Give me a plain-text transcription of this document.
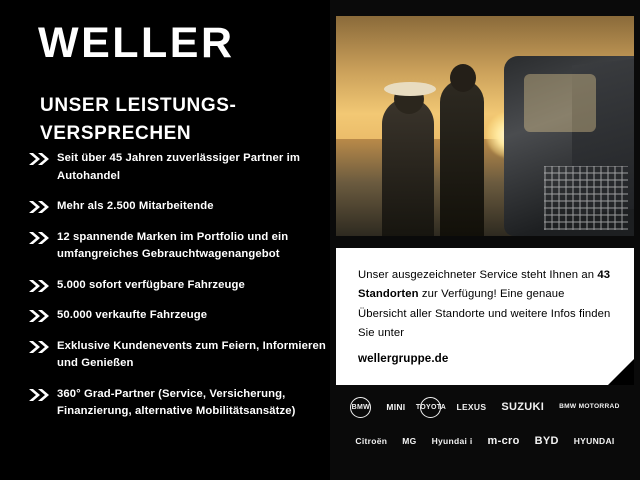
WELLER
UNSER LEISTUNGS-
VERSPRECHEN
Seit über 45 Jahren zuverlässiger Partner im Autohandel
Mehr als 2.500 Mitarbeitende
12 spannende Marken im Portfolio und ein umfangreiches Gebrauchtwagenangebot
5.000 sofort verfügbare Fahrzeuge
50.000 verkaufte Fahrzeuge
Exklusive Kundenevents zum Feiern, Informieren und Genießen
360° Grad-Partner (Service, Versicherung, Finanzierung, alternative Mobilitätsansätze)

Unser ausgezeichneter Service steht Ihnen an 43 Standorten zur Verfügung! Eine genaue Übersicht aller Standorte und weitere Infos finden Sie unter
wellergruppe.de

BMW MINI TOYOTA LEXUS SUZUKI BMW MOTORRAD
Citroën MG Hyundai i m-cro BYD HYUNDAI
